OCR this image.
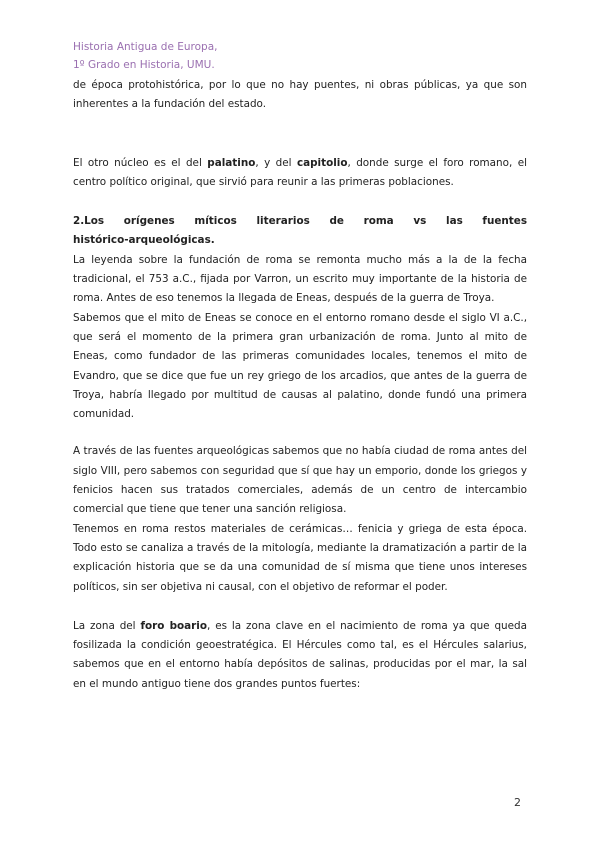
Historia Antigua de Europa,
1º Grado en Historia, UMU.

de época protohistórica, por lo que no hay puentes, ni obras públicas, ya que son inherentes a la fundación del estado.

El otro núcleo es el del palatino, y del capitolio, donde surge el foro romano, el centro político original, que sirvió para reunir a las primeras poblaciones.

2.Los orígenes míticos literarios de roma vs las fuentes
histórico-arqueológicas.

La leyenda sobre la fundación de roma se remonta mucho más a la de la fecha tradicional, el 753 a.C., fijada por Varron, un escrito muy importante de la historia de roma. Antes de eso tenemos la llegada de Eneas, después de la guerra de Troya.

Sabemos que el mito de Eneas se conoce en el entorno romano desde el siglo VI a.C., que será el momento de la primera gran urbanización de roma. Junto al mito de Eneas, como fundador de las primeras comunidades locales, tenemos el mito de Evandro, que se dice que fue un rey griego de los arcadios, que antes de la guerra de Troya, habría llegado por multitud de causas al palatino, donde fundó una primera comunidad.

A través de las fuentes arqueológicas sabemos que no había ciudad de roma antes del siglo VIII, pero sabemos con seguridad que sí que hay un emporio, donde los griegos y fenicios hacen sus tratados comerciales, además de un centro de intercambio comercial que tiene que tener una sanción religiosa.

Tenemos en roma restos materiales de cerámicas… fenicia y griega de esta época. Todo esto se canaliza a través de la mitología, mediante la dramatización a partir de la explicación historia que se da una comunidad de sí misma que tiene unos intereses políticos, sin ser objetiva ni causal, con el objetivo de reformar el poder.

La zona del foro boario, es la zona clave en el nacimiento de roma ya que queda fosilizada la condición geoestratégica. El Hércules como tal, es el Hércules salarius, sabemos que en el entorno había depósitos de salinas, producidas por el mar, la sal en el mundo antiguo tiene dos grandes puntos fuertes:

2
